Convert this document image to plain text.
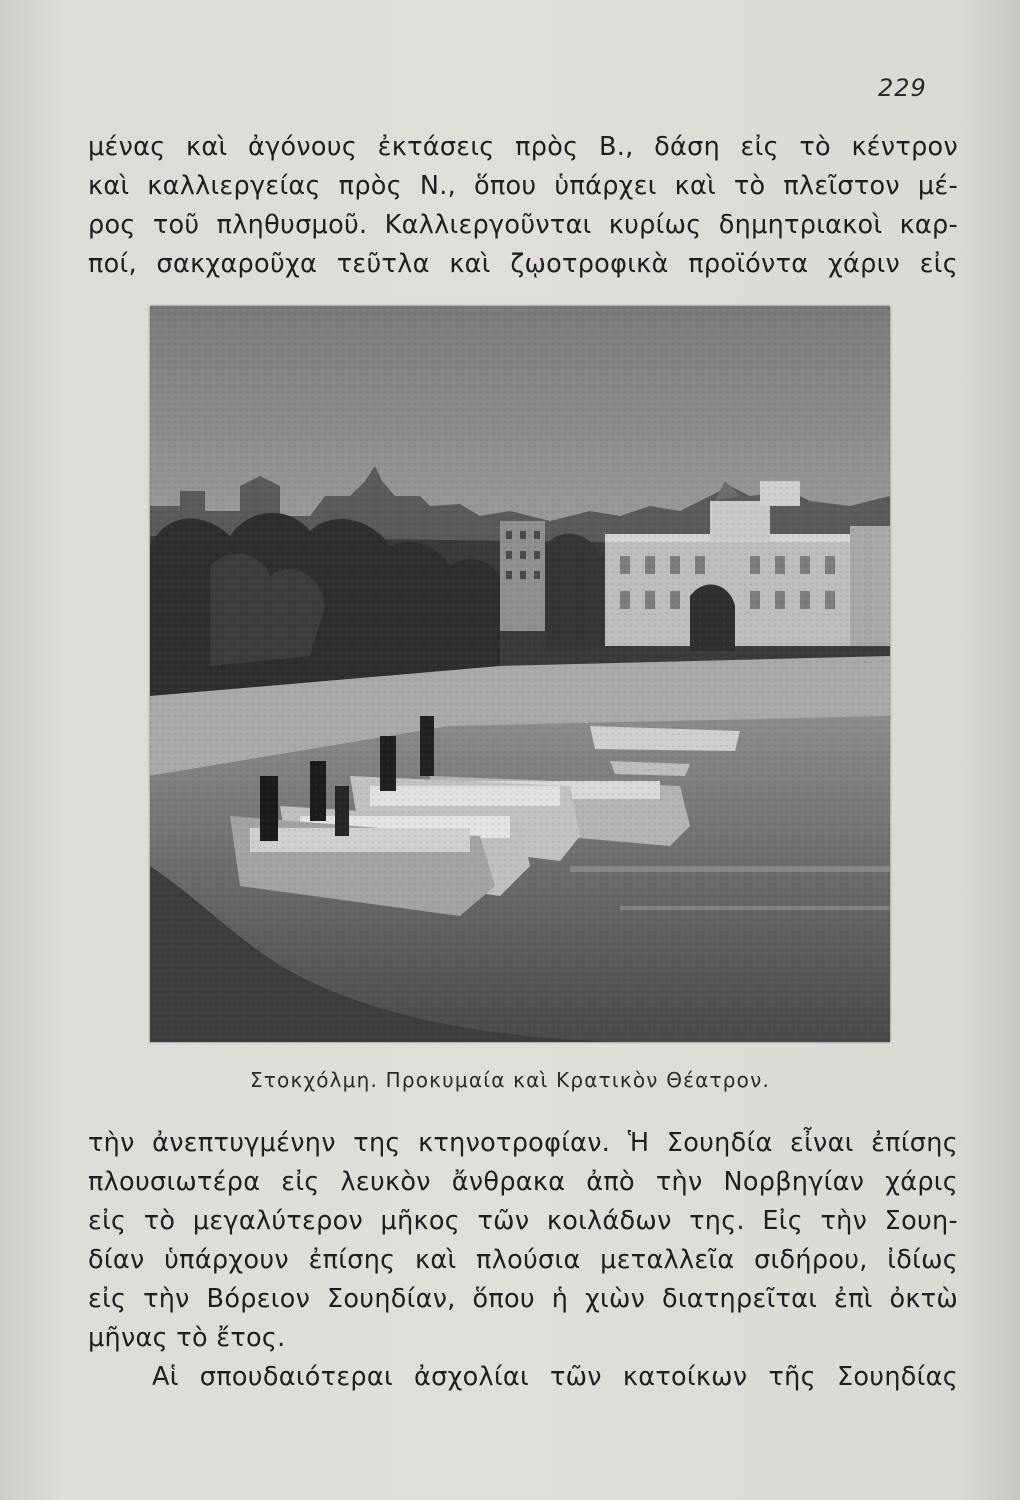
229
μένας καὶ ἀγόνους ἐκτάσεις πρὸς Β., δάση εἰς τὸ κέντρον
καὶ καλλιεργείας πρὸς Ν., ὅπου ὑπάρχει καὶ τὸ πλεῖστον μέ-
ρος τοῦ πληθυσμοῦ. Καλλιεργοῦνται κυρίως δημητριακοὶ καρ-
ποί, σακχαροῦχα τεῦτλα καὶ ζῳοτροφικὰ προϊόντα χάριν εἰς
Στοκχόλμη. Προκυμαία καὶ Κρατικὸν Θέατρον.
τὴν ἀνεπτυγμένην της κτηνοτροφίαν. Ἡ Σουηδία εἶναι ἐπίσης
πλουσιωτέρα εἰς λευκὸν ἄνθρακα ἀπὸ τὴν Νορβηγίαν χάρις
εἰς τὸ μεγαλύτερον μῆκος τῶν κοιλάδων της. Εἰς τὴν Σουη-
δίαν ὑπάρχουν ἐπίσης καὶ πλούσια μεταλλεῖα σιδήρου, ἰδίως
εἰς τὴν Βόρειον Σουηδίαν, ὅπου ἡ χιὼν διατηρεῖται ἐπὶ ὀκτὼ
μῆνας τὸ ἔτος.
Αἱ σπουδαιότεραι ἀσχολίαι τῶν κατοίκων τῆς Σουηδίας
